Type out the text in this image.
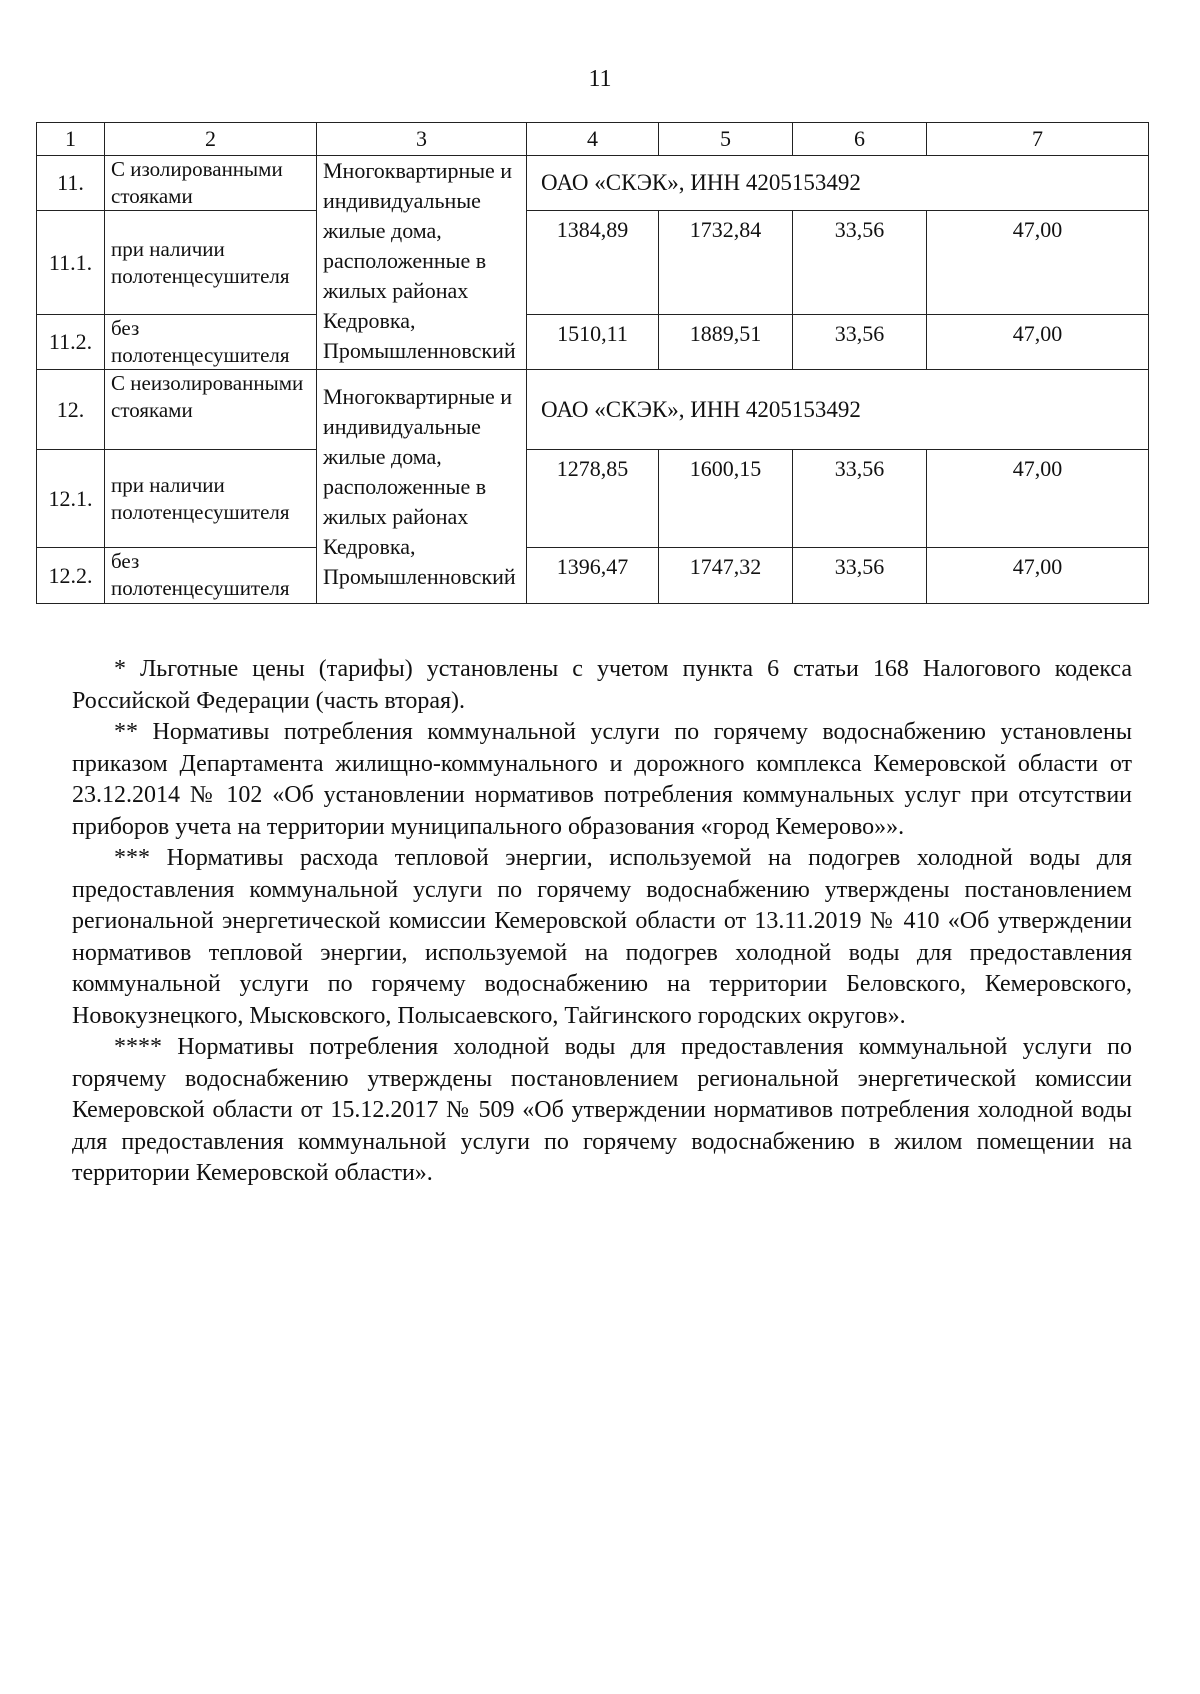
11
1	2	3	4	5	6	7
11.	С изолированными стояками	Многоквартирные и индивидуальные жилые дома, расположенные в жилых районах Кедровка, Промышленновский	ОАО «СКЭК», ИНН 4205153492			
11.1.	при наличии полотенцесушителя		1384,89	1732,84	33,56	47,00
11.2.	без полотенцесушителя		1510,11	1889,51	33,56	47,00
12.	С неизолированными стояками	Многоквартирные и индивидуальные жилые дома, расположенные в жилых районах Кедровка, Промышленновский	ОАО «СКЭК», ИНН 4205153492			
12.1.	при наличии полотенцесушителя		1278,85	1600,15	33,56	47,00
12.2.	без полотенцесушителя		1396,47	1747,32	33,56	47,00

* Льготные цены (тарифы) установлены с учетом пункта 6 статьи 168 Налогового кодекса Российской Федерации (часть вторая).

** Нормативы потребления коммунальной услуги по горячему водоснабжению установлены приказом Департамента жилищно-коммунального и дорожного комплекса Кемеровской области от 23.12.2014 № 102 «Об установлении нормативов потребления коммунальных услуг при отсутствии приборов учета на территории муниципального образования «город Кемерово»».

*** Нормативы расхода тепловой энергии, используемой на подогрев холодной воды для предоставления коммунальной услуги по горячему водоснабжению утверждены постановлением региональной энергетической комиссии Кемеровской области от 13.11.2019 № 410 «Об утверждении нормативов тепловой энергии, используемой на подогрев холодной воды для предоставления коммунальной услуги по горячему водоснабжению на территории Беловского, Кемеровского, Новокузнецкого, Мысковского, Полысаевского, Тайгинского городских округов».

**** Нормативы потребления холодной воды для предоставления коммунальной услуги по горячему водоснабжению утверждены постановлением региональной энергетической комиссии Кемеровской области от 15.12.2017 № 509 «Об утверждении нормативов потребления холодной воды для предоставления коммунальной услуги по горячему водоснабжению в жилом помещении на территории Кемеровской области».
